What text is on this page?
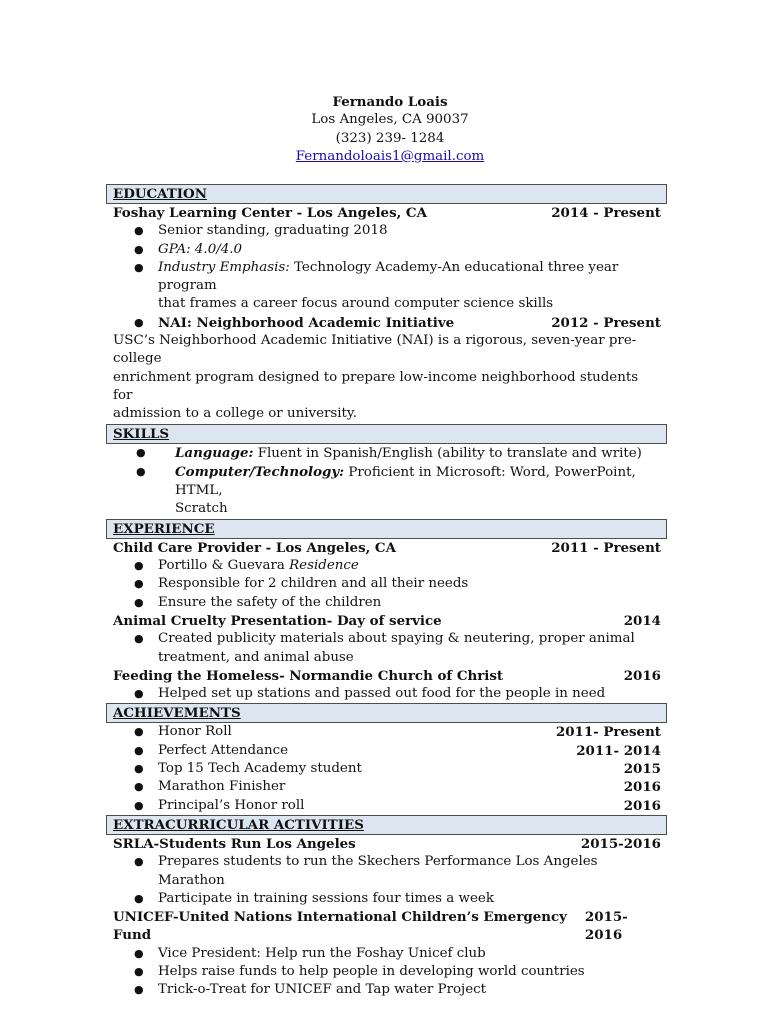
Fernando Loais
Los Angeles, CA 90037
(323) 239- 1284
Fernandoloais1@gmail.com
EDUCATION
Foshay Learning Center - Los Angeles, CA	2014 - Present
● Senior standing, graduating 2018
● GPA: 4.0/4.0
● Industry Emphasis: Technology Academy-An educational three year program
that frames a career focus around computer science skills
● NAI: Neighborhood Academic Initiative	2012 - Present
USC’s Neighborhood Academic Initiative (NAI) is a rigorous, seven-year pre-college
enrichment program designed to prepare low-income neighborhood students for
admission to a college or university.
SKILLS
● Language: Fluent in Spanish/English (ability to translate and write)
● Computer/Technology: Proficient in Microsoft: Word, PowerPoint, HTML,
Scratch
EXPERIENCE
Child Care Provider - Los Angeles, CA	2011 - Present
● Portillo & Guevara Residence
● Responsible for 2 children and all their needs
● Ensure the safety of the children
Animal Cruelty Presentation- Day of service	2014
● Created publicity materials about spaying & neutering, proper animal
treatment, and animal abuse
Feeding the Homeless- Normandie Church of Christ	2016
● Helped set up stations and passed out food for the people in need
ACHIEVEMENTS
● Honor Roll	2011- Present
● Perfect Attendance	2011- 2014
● Top 15 Tech Academy student	2015
● Marathon Finisher	2016
● Principal’s Honor roll	2016
EXTRACURRICULAR ACTIVITIES
SRLA-Students Run Los Angeles	2015-2016
● Prepares students to run the Skechers Performance Los Angeles Marathon
● Participate in training sessions four times a week
UNICEF-United Nations International Children’s Emergency Fund
2015-2016
● Vice President: Help run the Foshay Unicef club
● Helps raise funds to help people in developing world countries
● Trick-o-Treat for UNICEF and Tap water Project
